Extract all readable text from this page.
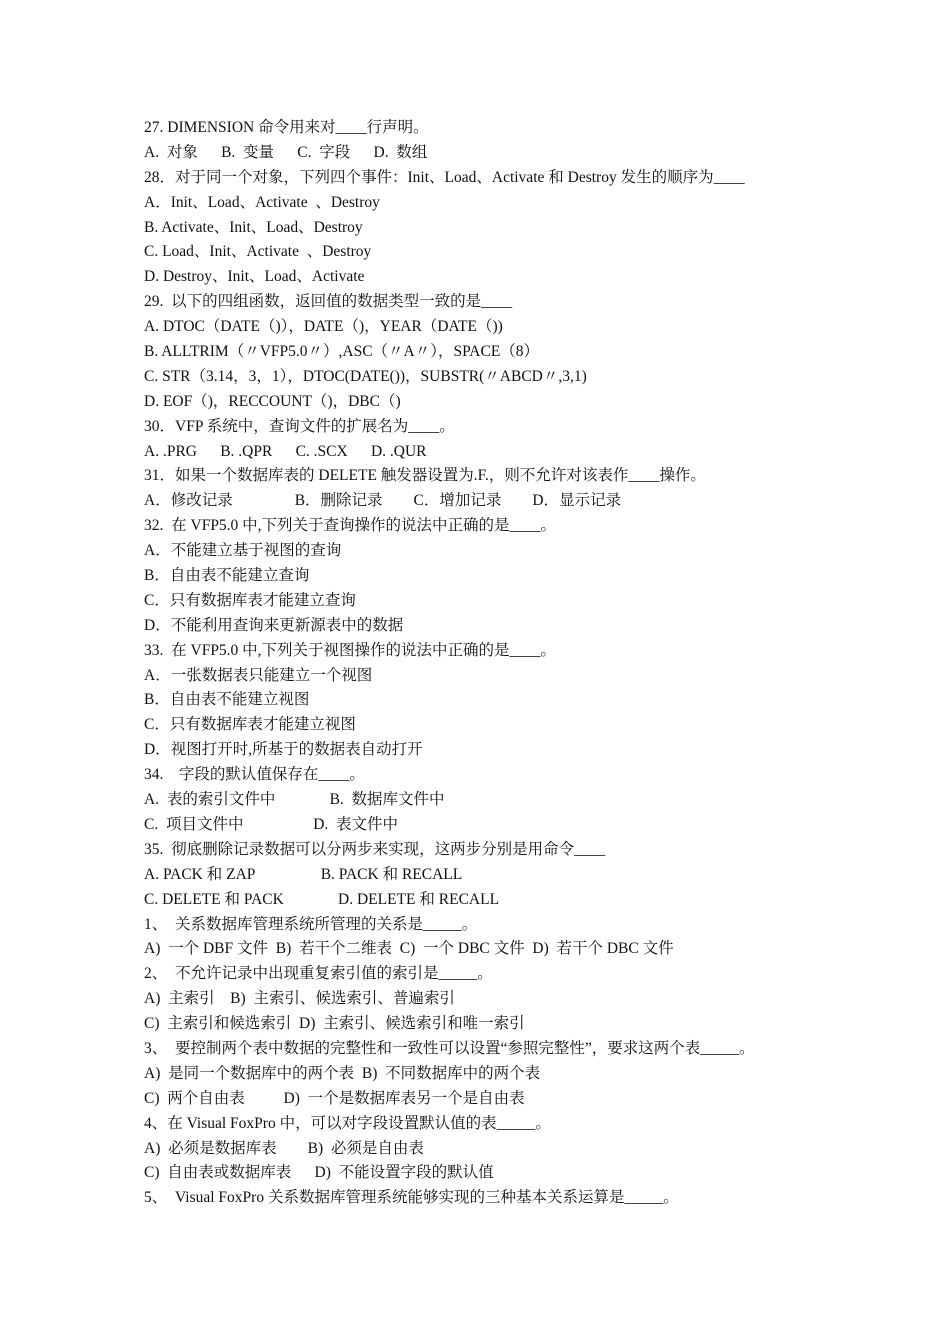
27. DIMENSION 命令用来对____行声明。
A.  对象      B.  变量      C.  字段      D.  数组
28．对于同一个对象，下列四个事件：Init、Load、Activate 和 Destroy 发生的顺序为____
A．Init、Load、Activate  、Destroy
B. Activate、Init、Load、Destroy
C. Load、Init、Activate  、Destroy
D. Destroy、Init、Load、Activate
29.  以下的四组函数，返回值的数据类型一致的是____
A. DTOC（DATE（)），DATE（)，YEAR（DATE（))
B. ALLTRIM（〃VFP5.0〃）,ASC（〃A〃），SPACE（8）
C. STR（3.14，3，1），DTOC(DATE())，SUBSTR(〃ABCD〃,3,1)
D. EOF（)，RECCOUNT（)，DBC（)
30．VFP 系统中，查询文件的扩展名为____。
A. .PRG      B. .QPR      C. .SCX      D. .QUR
31．如果一个数据库表的 DELETE 触发器设置为.F.，则不允许对该表作____操作。
A．修改记录                B．删除记录        C．增加记录        D．显示记录
32.  在 VFP5.0 中,下列关于查询操作的说法中正确的是____。
A．不能建立基于视图的查询
B．自由表不能建立查询
C．只有数据库表才能建立查询
D．不能利用查询来更新源表中的数据
33.  在 VFP5.0 中,下列关于视图操作的说法中正确的是____。
A．一张数据表只能建立一个视图
B．自由表不能建立视图
C．只有数据库表才能建立视图
D．视图打开时,所基于的数据表自动打开
34.    字段的默认值保存在____。
A.  表的索引文件中              B.  数据库文件中
C.  项目文件中                  D.  表文件中
35.  彻底删除记录数据可以分两步来实现，这两步分别是用命令____
A. PACK 和 ZAP                 B. PACK 和 RECALL
C. DELETE 和 PACK              D. DELETE 和 RECALL
1、  关系数据库管理系统所管理的关系是_____。
A)  一个 DBF 文件  B)  若干个二维表  C)  一个 DBC 文件  D)  若干个 DBC 文件
2、  不允许记录中出现重复索引值的索引是_____。
A)  主索引    B)  主索引、候选索引、普遍索引
C)  主索引和候选索引  D)  主索引、候选索引和唯一索引
3、  要控制两个表中数据的完整性和一致性可以设置“参照完整性”，要求这两个表_____。
A)  是同一个数据库中的两个表  B)  不同数据库中的两个表
C)  两个自由表          D)  一个是数据库表另一个是自由表
4、在 Visual FoxPro 中，可以对字段设置默认值的表_____。
A)  必须是数据库表        B)  必须是自由表
C)  自由表或数据库表      D)  不能设置字段的默认值
5、  Visual FoxPro 关系数据库管理系统能够实现的三种基本关系运算是_____。
